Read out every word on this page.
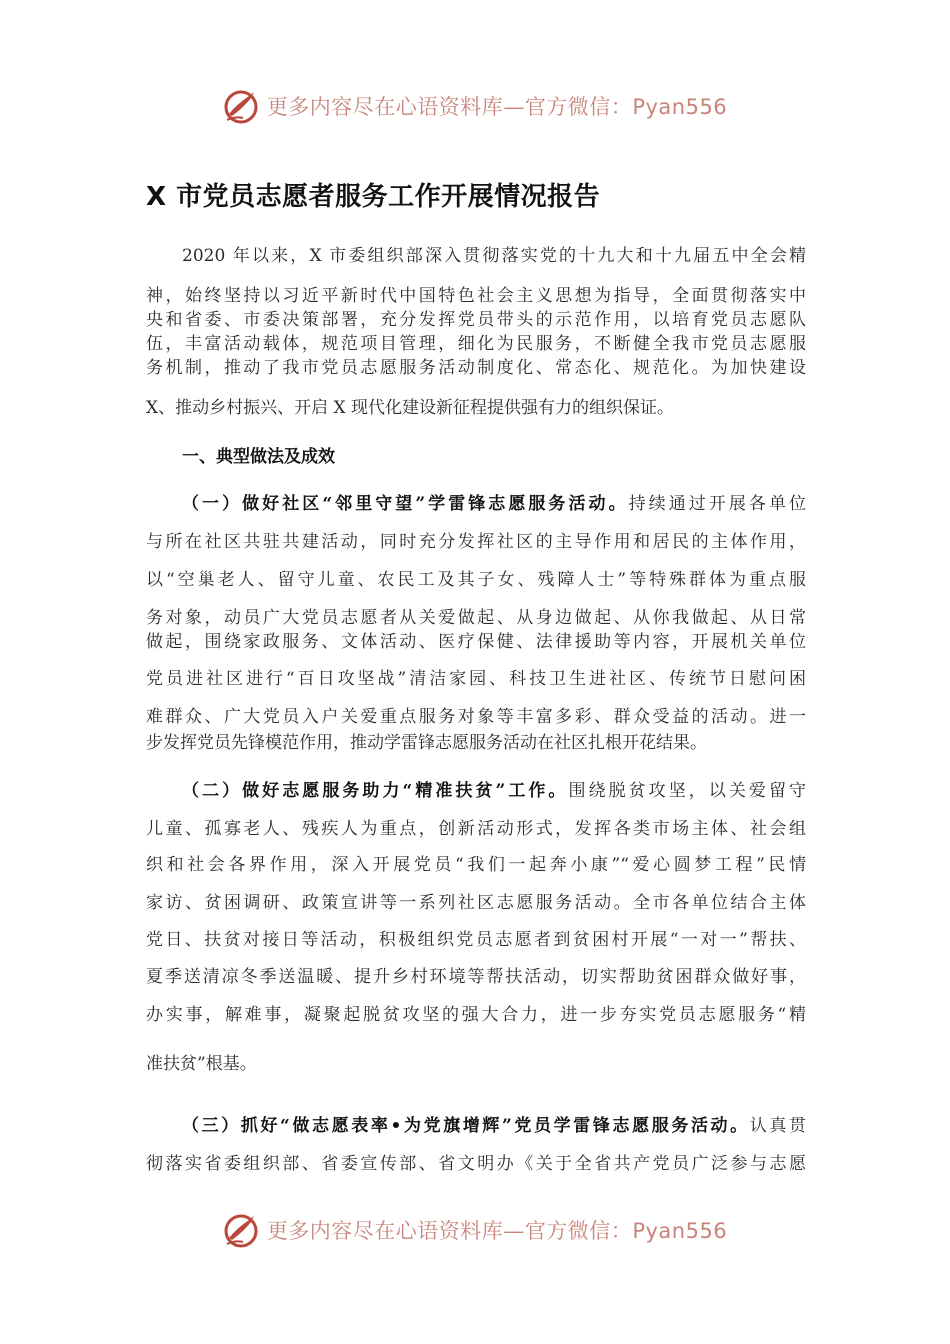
更多内容尽在心语资料库—官方微信：Pyan556
X 市党员志愿者服务工作开展情况报告
2020 年以来，X 市委组织部深入贯彻落实党的十九大和十九届五中全会精
神，始终坚持以习近平新时代中国特色社会主义思想为指导，全面贯彻落实中
央和省委、市委决策部署，充分发挥党员带头的示范作用，以培育党员志愿队
伍，丰富活动载体，规范项目管理，细化为民服务，不断健全我市党员志愿服
务机制，推动了我市党员志愿服务活动制度化、常态化、规范化。为加快建设
X、推动乡村振兴、开启 X 现代化建设新征程提供强有力的组织保证。
一、典型做法及成效
（一）做好社区“邻里守望”学雷锋志愿服务活动。持续通过开展各单位
与所在社区共驻共建活动，同时充分发挥社区的主导作用和居民的主体作用，
以“空巢老人、留守儿童、农民工及其子女、残障人士”等特殊群体为重点服
务对象，动员广大党员志愿者从关爱做起、从身边做起、从你我做起、从日常
做起，围绕家政服务、文体活动、医疗保健、法律援助等内容，开展机关单位
党员进社区进行“百日攻坚战”清洁家园、科技卫生进社区、传统节日慰问困
难群众、广大党员入户关爱重点服务对象等丰富多彩、群众受益的活动。进一
步发挥党员先锋模范作用，推动学雷锋志愿服务活动在社区扎根开花结果。
（二）做好志愿服务助力“精准扶贫”工作。围绕脱贫攻坚，以关爱留守
儿童、孤寡老人、残疾人为重点，创新活动形式，发挥各类市场主体、社会组
织和社会各界作用，深入开展党员“我们一起奔小康”“爱心圆梦工程”民情
家访、贫困调研、政策宣讲等一系列社区志愿服务活动。全市各单位结合主体
党日、扶贫对接日等活动，积极组织党员志愿者到贫困村开展“一对一”帮扶、
夏季送清凉冬季送温暖、提升乡村环境等帮扶活动，切实帮助贫困群众做好事，
办实事，解难事，凝聚起脱贫攻坚的强大合力，进一步夯实党员志愿服务“精
准扶贫”根基。
（三）抓好“做志愿表率•为党旗增辉”党员学雷锋志愿服务活动。认真贯
彻落实省委组织部、省委宣传部、省文明办《关于全省共产党员广泛参与志愿
更多内容尽在心语资料库—官方微信：Pyan556
